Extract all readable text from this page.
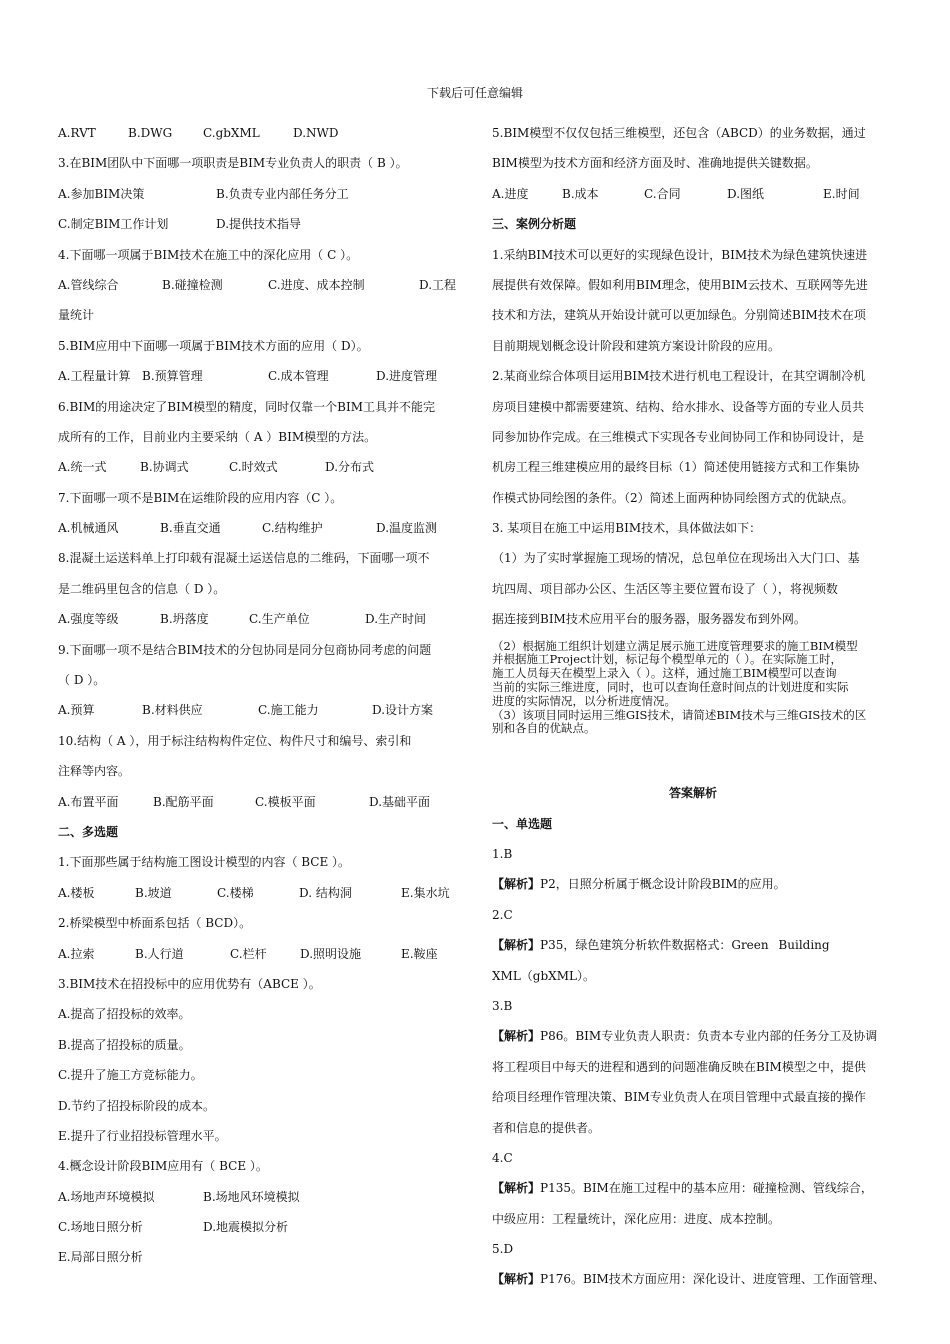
下载后可任意编辑
A.RVT	B.DWG	C.gbXML	D.NWD
3.在BIM团队中下面哪一项职责是BIM专业负责人的职责（ B ）。
A.参加BIM决策	B.负责专业内部任务分工
C.制定BIM工作计划	D.提供技术指导
4.下面哪一项属于BIM技术在施工中的深化应用（ C ）。
A.管线综合	B.碰撞检测	C.进度、成本控制	D.工程
量统计
5.BIM应用中下面哪一项属于BIM技术方面的应用（ D）。
A.工程量计算 B.预算管理	C.成本管理	D.进度管理
6.BIM的用途决定了BIM模型的精度，同时仅靠一个BIM工具并不能完
成所有的工作，目前业内主要采纳（ A ）BIM模型的方法。
A.统一式	B.协调式	C.时效式	D.分布式
7.下面哪一项不是BIM在运维阶段的应用内容（C ）。
A.机械通风	B.垂直交通	C.结构维护	D.温度监测
8.混凝土运送料单上打印载有混凝土运送信息的二维码，下面哪一项不
是二维码里包含的信息（ D ）。
A.强度等级	B.坍落度	C.生产单位	D.生产时间
9.下面哪一项不是结合BIM技术的分包协同是同分包商协同考虑的问题
（ D ）。
A.预算	B.材料供应	C.施工能力	D.设计方案
10.结构（ A ），用于标注结构构件定位、构件尺寸和编号、索引和
注释等内容。
A.布置平面	B.配筋平面	C.模板平面	D.基础平面
二、多选题
1.下面那些属于结构施工图设计模型的内容（ BCE ）。
A.楼板	B.坡道	C.楼梯	D. 结构洞	E.集水坑
2.桥梁模型中桥面系包括（ BCD）。
A.拉索	B.人行道	C.栏杆	D.照明设施	E.鞍座
3.BIM技术在招投标中的应用优势有（ABCE ）。
A.提高了招投标的效率。
B.提高了招投标的质量。
C.提升了施工方竞标能力。
D.节约了招投标阶段的成本。
E.提升了行业招投标管理水平。
4.概念设计阶段BIM应用有（ BCE ）。
A.场地声环境模拟	B.场地风环境模拟
C.场地日照分析	D.地震模拟分析
E.局部日照分析
5.BIM模型不仅仅包括三维模型，还包含（ABCD）的业务数据，通过
BIM模型为技术方面和经济方面及时、准确地提供关键数据。
A.进度	B.成本	C.合同	D.图纸	E.时间
三、案例分析题
1.采纳BIM技术可以更好的实现绿色设计，BIM技术为绿色建筑快速进
展提供有效保障。假如利用BIM理念，使用BIM云技术、互联网等先进
技术和方法，建筑从开始设计就可以更加绿色。分别简述BIM技术在项
目前期规划概念设计阶段和建筑方案设计阶段的应用。
2.某商业综合体项目运用BIM技术进行机电工程设计，在其空调制冷机
房项目建模中都需要建筑、结构、给水排水、设备等方面的专业人员共
同参加协作完成。在三维模式下实现各专业间协同工作和协同设计，是
机房工程三维建模应用的最终目标（1）简述使用链接方式和工作集协
作模式协同绘图的条件。（2）简述上面两种协同绘图方式的优缺点。
3. 某项目在施工中运用BIM技术，具体做法如下：
（1）为了实时掌握施工现场的情况，总包单位在现场出入大门口、基
坑四周、项目部办公区、生活区等主要位置布设了（ ），将视频数
据连接到BIM技术应用平台的服务器，服务器发布到外网。
（2）根据施工组织计划建立满足展示施工进度管理要求的施工BIM模型
并根据施工Project计划，标记每个模型单元的（ ）。在实际施工时，
施工人员每天在模型上录入（ ）。这样，通过施工BIM模型可以查询
当前的实际三维进度，同时，也可以查询任意时间点的计划进度和实际
进度的实际情况，以分析进度情况。
（3）该项目同时运用三维GIS技术，请简述BIM技术与三维GIS技术的区
别和各自的优缺点。
答案解析
一、单选题
1.B
【解析】P2，日照分析属于概念设计阶段BIM的应用。
2.C
【解析】P35，绿色建筑分析软件数据格式：Green Building
XML（gbXML）。
3.B
【解析】P86。BIM专业负责人职责：负责本专业内部的任务分工及协调
将工程项目中每天的进程和遇到的问题准确反映在BIM模型之中，提供
给项目经理作管理决策、BIM专业负责人在项目管理中式最直接的操作
者和信息的提供者。
4.C
【解析】P135。BIM在施工过程中的基本应用：碰撞检测、管线综合，
中级应用：工程量统计，深化应用：进度、成本控制。
5.D
【解析】P176。BIM技术方面应用：深化设计、进度管理、工作面管理、
